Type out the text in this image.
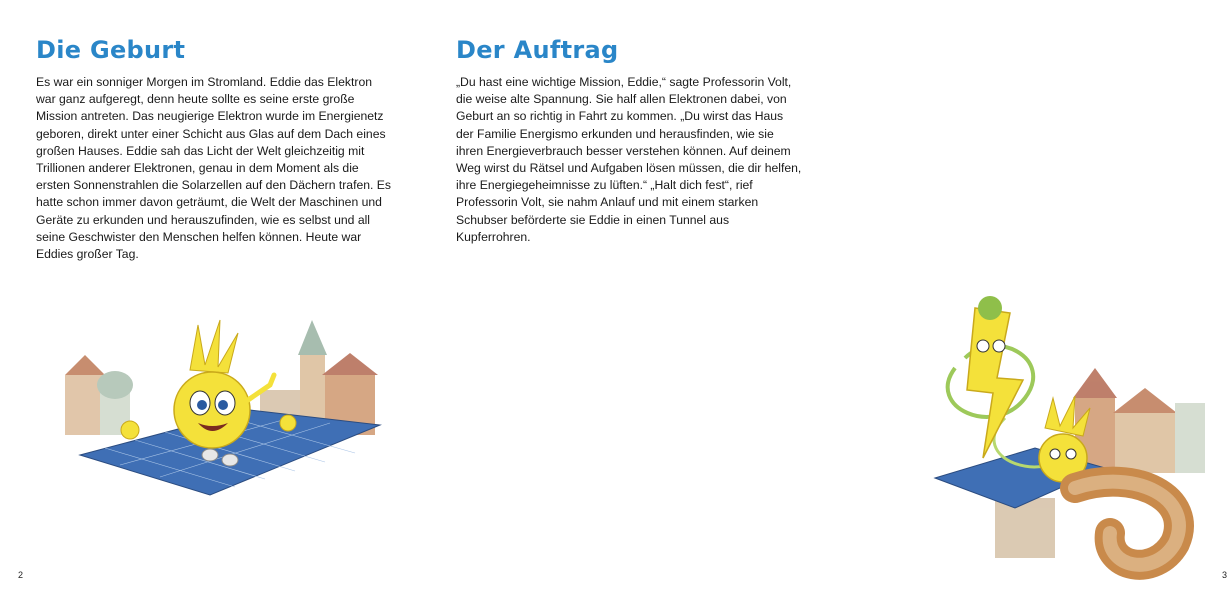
Die Geburt

Es war ein sonniger Morgen im Stromland. Eddie das Elektron war ganz aufgeregt, denn heute sollte es seine erste große Mission antreten. Das neugierige Elektron wurde im Energienetz geboren, direkt unter einer Schicht aus Glas auf dem Dach eines großen Hauses. Eddie sah das Licht der Welt gleichzeitig mit Trillionen anderer Elektronen, genau in dem Moment als die ersten Sonnenstrahlen die Solarzellen auf den Dächern trafen. Es hatte schon immer davon geträumt, die Welt der Maschinen und Geräte zu erkunden und herauszufinden, wie es selbst und all seine Geschwister den Menschen helfen können. Heute war Eddies großer Tag.

2
Der Auftrag

„Du hast eine wichtige Mission, Eddie,“ sagte Professorin Volt, die weise alte Spannung. Sie half allen Elektronen dabei, von Geburt an so richtig in Fahrt zu kommen. „Du wirst das Haus der Familie Energismo erkunden und herausfinden, wie sie ihren Energieverbrauch besser verstehen können. Auf deinem Weg wirst du Rätsel und Aufgaben lösen müssen, die dir helfen, ihre Energiegeheimnisse zu lüften.“ „Halt dich fest“, rief Professorin Volt, sie nahm Anlauf und mit einem starken Schubser beförderte sie Eddie in einen Tunnel aus Kupferrohren.

3
